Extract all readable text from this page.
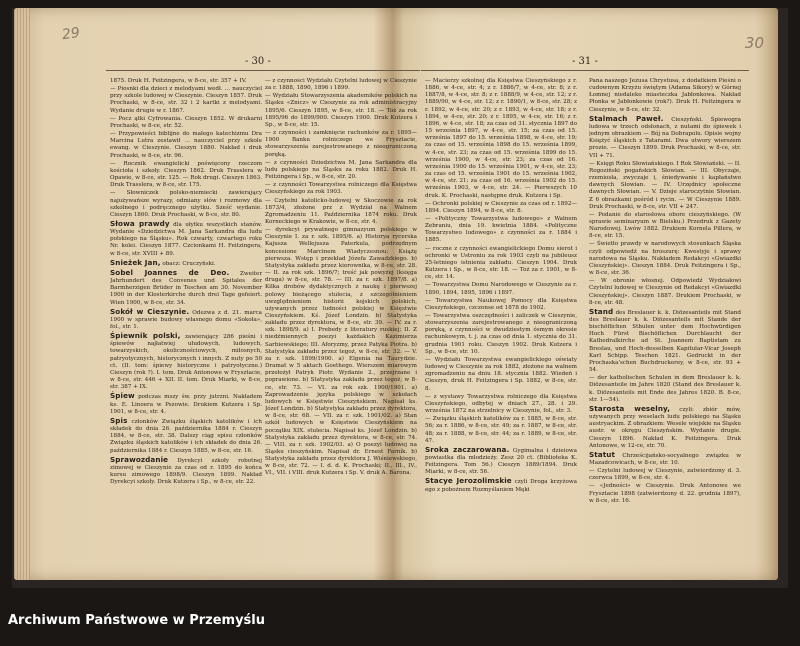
29	30
- 30 -	- 31 -
1875. Druk H. Feitzingera, w 8-ce, str. 357 + IV.
— Piosnki dla dzieci z melodyami wedł. … nauczyciel przy szkole ludowej w Cieszynie. Cieszyn 1857. Druk Prochaski, w 8-ce, str. 32 i 2 kartki z melodyami. Wydanie drugie w r. 1867.
— Pocz ątki Cyfrowania. Cieszyn 1852. W drukarni Prochaski, w 8-ce, str. 52.
— Przypowieści biblijne do małego katechizmu Dra Marcina Lutra zestawił … nauczyciel przy szkole ewang. w Cieszynie. Cieszyn 1880. Nakład i druk Prochaski, w 8-ce, str. 96.
— Rocznik ewangielicki poświęcony rzeczom kościoła i szkoły. Cieszyn 1862. Druk Trasslera w Opawie, w 8-ce, str. 125. — Rok drugi. Cieszyn 1863. Druk Trasslera, w 8-ce, str. 175.
— Słowniczek polsko-niemiecki zawierający najużywańsze wyrazy, odmiany słów i rozmowy dla szkolnego i podręcznego użytku. Sześć wydanie. Cieszyn 1860. Druk Prochaski, w 8-ce, str. 80.
Słowa prawdy dla ułytku wszystkich stanów. Wydanie «Dziedzictwa M. Jana Sarkandra dla ludu polskiego na Śląsku». Rok czwarty, czwartego roku Nr. kolei. Cieszyn 1877. Czcionkami H. Feitzingera, w 8-ce, str. XVIII + 89.
Snieżek Jan, obacz: Cruczyński.
Sobel Joannes de Deo. Zweiter Jahrhundert des Convenes und Spitales der Barmherzigen Brüder in Teschen am 30. November 1900 in der Klosterkirche durch drei Tage gefeiert. Wien 1900, w 8-ce, str. 34.
Sokół w Cieszynie. Odezwa z d. 21. marca 1900 w sprawie budowy własnego domu «Sokoła», fol., str. 1.
Śpiewnik polski, zawierający 286 pieśni i śpiewów najłatwiej ułudowych, ludowych, towarzyskich, okolicznościowych, miłosnych, patryotycznych, historycznych i innych. Z nuty po 50 ct. (II. tom: śpiewy historyczne i patryotyczne.) Cieszyn (rok ?). I. tom. Druk Antonowe w Frysztacie, w 8-ce, str. 446 + XII. II. tom. Druk Miarki, w 8-ce, str. 387 + IX.
Śpiew podczas mszy św. przy jutrzni. Nakładem ks. E. Linoera w Pszowie. Drukiem Kutzera i Sp. 1901, w 8-ce, str. 4.
Spis członków Związku śląskich katolików i ich składek do dnia 26. października 1884 r. Cieszyn 1884, w 8-ce, str. 38. Dalszy ciąg spisu członków Związku śląskich katolików i ich składek do dnia 26. października 1884 r. Cieszyn 1885, w 8-ce, str. 16.
Sprawozdanie Dyrekcyi szkoły robotnej zimowej w Cieszynie za czas od r. 1895 do końca kursu zimowego 1898/9. Cieszyn 1899. Nakład Dyrekcyi szkoły. Druk Kutzera i Sp., w 8-ce, str. 22.
— z czynności Wydziału Czytelni ludowej w Cieszynie za r. 1888, 1890, 1896 i 1899.
— Wydziału Stowarzyszenia akademików polskich na Śląsku «Znicz» w Cieszynie za rok administracyjny 1895/6. Cieszyn 1895, w 8-ce, str. 18. — Toż za rok 1895/96 do 1899/900. Cieszyn 1900. Druk Kutzera i Sp., w 8-ce, str. 15.
— z czynności i zamknięcie rachunków za r. 1895—1900 Banku rolniczego we Frysztacie, stowarzyszenia zarejestrowanego z nieograniczoną poręką.
— z czynności Dziedzictwa M. Jana Sarkandra dla ludu polskiego na Śląsku za roku 1882. Druk H. Feitzingera i Sp., w 8-ce, str. 20.
— z czynności Towarzystwa rolniczego dla Księstwa Cieszyńskiego za rok 1903.
— Czytelni katolicko-ludowej w Skoczowie za rok 1873/4, złożone prz z Wydział na Walnem Zgromadzeniu 11. Października 1874 roku. Druk Korneckiego w Krakowie, w 8-ce, str. 4.
— dyrekcyi prywatnego gimnazyum polskiego w Cieszynie I. za r. szk. 1895/6. a) Historya rycerska Kajusza Wellejusza Paterkula, podrzędnym koncesione Marcinem Wiadyczesnou; Książę pierwsza. Wstęp i przekład Józefa Zawadzkiego. b) Statystyka zakładu przez kierownika, w 8-ce, str. 28. — II. za rok szk. 1896/7; treść jak powyżej (księga druga) w 8-ce, str. 78. — III. za r. szk. 1897/8. a) Kilka drobów dydaktycznych z naukę i pierwszej polowy bieżącego stulecia, z szczególnieniem uwzględnieniem historii kojskich polskich, używanych przez ludności polskiej w Księstwie Cieszyńskiem. Kś. Józef Londzin. b) Statystyka zakładu przez dyrektora, w 8-ce, str. 39. — IV. za r. szk. 1898/9. a) I. Prebedy z literatury ruskiej; II. Z niedźmiennych poezyi każdakich Kazimierza Sarbiewskiego; III. Aforyzmy, przez Patyka Piotra. b) Statystyka zakładu przez tegoż, w 8-ce, str. 32. — V. za r. szk. 1899/1900. a) Elgenia na Taurydzie. Dramat w 5 aktach Goethego. Wierszem miarowym przełożył Patryk Piotr. Wydanie 2., przejrzane i poprawione. b) Statystyka zakładu przez tegoż, w 8-ce, str. 73. — VI. za rok szk. 1900/1901. a) Zaprowadzenie języka polskiego w szkołach ludowych w Księstwie Cieszyńskiem. Napisał ks. Józef Londzin. b) Statystyka zakładu przez dyrektora, w 8-ce, str. 68. — VII. za r. szk. 1901/02. a) Stan szkół ludowych w Księstwie Cieszyńskiem na początku XIX. stulecia. Napisał ks. Józef Londzin. b) Statystyka zakładu przez dyrektora, w 8-ce, str. 74. — VIII. za r. szk. 1902/03. a) O poezyi ludowej na Śląsku cieszyńskim. Napisał dr. Ernest Farník. b) Statystyka zakładu przez dyrektora J. Wiśniewskiego, w 8-ce, str. 72. — I. d. d. K. Prochaski; II., III., IV., VI., VII. i VIII. druk Kutzera i Sp. V. druk A. Barona.
— Macierzy szkolnej dla Księstwa Cieszyńskiego z r. 1886, w 4-ce, str. 4; z r. 1886/7, w 4-ce, str. 8; z r. 1887/8, w 4-ce, str. 8; z r. 1888/9, w 4-ce, str. 12; z r. 1889/90, w 4-ce, str. 12; z r. 1890/1, w 8-ce, str. 28; z r. 1892, w 4-ce, str. 20; z r. 1893, w 4-ce, str. 18; z r. 1894, w 4-ce, str. 20; z r. 1895, w 4-ce, str. 16; z r. 1896, w 4-ce, str. 18; za czas od 31. stycznia 1897 do 15 września 1897, w 4-ce, str. 15; za czas od 15. września 1897 do 15. września 1898, w 4-ce, str. 19; za czas od 15. września 1898 do 15. września 1899, w 4-ce, str. 23; za czas od 15. września 1899 do 15. września 1900, w 4-ce, str. 23; za czas od 16. września 1900 do 15. września 1901, w 4-ce, str. 23; za czas od 15. września 1901 do 15. września 1902, w 4-ce, str. 21; za czas od 16. września 1902 do 15. września 1903, w 4-ce, str. 24. — Pierwszych 10 druk. K. Prochaski, następne druk. Kutzera i Sp.
— Ochronki polskiej w Cieszynie za czas od r. 1892—1894. Cieszyn 1894, w 8-ce, str. 8.
— «Polityczny Towarzystwa ludowego» z Walnem Zebraniu, dnia 19. kwietnia 1884. «Polityczne Towarzystwo ludowego» z czynności za r. 1884 i 1885.
— roczne z czynności ewangielickiego Domu sierot i ochronki w Ustroniu za rok 1903 czyli na jubileusz 25-letniego istnienia zakładu. Cieszyn 1904. Druk Kutzera i Sp., w 8-ce, str. 18. — Toż za r. 1901, w 8-ce, str. 14.
— Towarzystwa Domu Narodowego w Cieszynie za r. 1890, 1894, 1895, 1896 i 1897.
— Towarzystwa Naukowej Pomocy dla Księstwa Cieszyńskiego, czczonse od 1878 do 1902.
— Towarzystwa oszczędności i zaliczek w Cieszynie, stowarzyszenia zarejestrowanego z nieograniczoną poręką, z czynności w dwudziestym ósmym okresie rachunkowym, t. j. za czas od dnia 1. stycznia do 31. grudnia 1901 roku. Cieszyn 1902. Druk Kutzera i Sp., w 8-ce, str. 10.
— Wydziału Towarzystwa ewangielickiego oświaty ludowej w Cieszynie za rok 1882, złożone na walnem zgromadzeniu na dniu 18. stycznia 1882. Wiedeń i Cieszyn, druk H. Feitzingera i Sp. 1882, w 8-ce, str. 8.
— z wystawy Towarzystwa rolniczego dla Księstwa Cieszyńskiego, odbytej w dniach 27., 28. i 29. września 1872 na strzelnicy w Cieszynie, fol., str. 3.
— Związku śląskich katolików za r. 1885, w 8-ce, str. 56; za r. 1886, w 8-ce, str. 49; za r. 1887, w 8-ce, str. 48; za r. 1888, w 8-ce, str. 44; za r. 1889, w 8-ce, str. 47.
Sroka zaczarowana. Gygimalna i dzieiowa powiastka dla młodzieży. Zesz 20 ct. (Biblioteka K. Feitzingera. Tom 56.) Cieszyn 1889/1894. Druk Miarki, w 8-ce, str. 56.
Stacye Jerozolimskie czyli Droga krzyżowa ego z pobożnem Rozmyślaniem Męki
Pana naszego Jezusa Chrystusa, z dodatkiem Pieśni o cudownym Krzyżu świętym (Adama Sikory) w Górnej Łomnej niedaleko miasteczka Jabłonkowa. Nakład Płonka w Jabłonkowie (rok?). Druk H. Feitzingera w Cieszynie, w 8-ce, str. 32.
Stalmach Paweł. Cieszyński. Śpiewogra ludowa w trzech odsłonach, z nutami do śpiewek i jednym obrazkiem — Bój na Dobrapolu. Opisie wojny Księżyć śląskich z Tatarami. Dwa utwory wierszem prozie. — Cieszyn 1899. Druk Prochaski, w 8-ce, str. VII + 71.
— Księgi Roku Słowiańskiego. I Rok Słowiański. — II. Rogoziński pogańskich Słowian. — III. Obyczaje, rzemiosła, zwyczaje i, śniedywanie i kapłaństwo dawnych Słowian. — IV. Urzędnicy społeczne dawnych Słowian. — V. Dzieje staroczytnie Słowian. Z 6 obrazkami pośród i rycin. — W Cieszynie 1889. Druk Prochaski, w 8-ce, str. VII + 247.
— Podanie do starosłowa obore cieszyńskiego. (W sprawie seminaryum w Bielsku.) Przedruk z Gazety Narodowej. Lwów 1882. Drukiem Kornela Pillera, w 8-ce, str. 15.
— Świetło prawdy w narodowych stosunkach Śląska czyli odpowiedź na broszurę: Kwestyje i sprawy narodowa na Śląsku. Nakładem Redakcyi «Gwiazdki Cieszyńskiej». Cieszyn 1884. Druk Feitzingera i Sp., w 8-ce, str. 36.
— W obronie włosnej. Odpowiedź Wydziałowi Czytelni ludowej w Cieszynie od Redakcyi «Gwiazdki Cieszyńskiej». Cieszyn 1887. Drukiem Prochaski, w 8-ce, str. 48.
Stand des Breslauer k. k. Diözesanteils mit Stand des Breslauer k. k. Diözesanteils mit Stande der bischöflichen Sthulen unter dem Hochwürdigen Hoch Fürst Bischöflichen Durchlaucht der Kathedralkirche ad St. Joannem Baptistam zu Breslau, und Hoch-desselben Kapitular-Vicar Joseph Karl Schipp. Teschen 1821. Gedruckt in der Prochaska'schen Buchdruckerey, w 8-ce, str. 93 + 54.
— der katholischen Schulen in dem Breslauer k. k. Diözesanteile im Jahre 1820 (Stand des Breslauer k. k. Diözesanteils mit Ende des Jahres 1820. B. 8-ce, str. 1—54).
Starosta weselny, czyli: zbiór mów, używanych przy weselach ludu polskiego na Śląsku austryackim. Z obrazkiem: Wesele wiejskie na Śląsku austr. w okręgu Cieszyńskim. Wydanie drugie. Cieszyn 1896. Nakład K. Feitzingera. Druk Antonowe, w 12-ce, str. 70.
Statut Chrześcijańsko-socyalnego związku w Mazadcowicach, w 8-ce, str. 10.
— Czytelni ludowej w Cieszynie, zatwierdzony d. 3. czerwca 1899, w 8-ce, str. 4.
— «Jedności» w Cieszynie. Druk Antonowe we Frysztacie 1898 (zatwierdzony d. 22. grudnia 1897), w 8-ce, str. 16.
Archiwum Państwowe w Przemyślu
